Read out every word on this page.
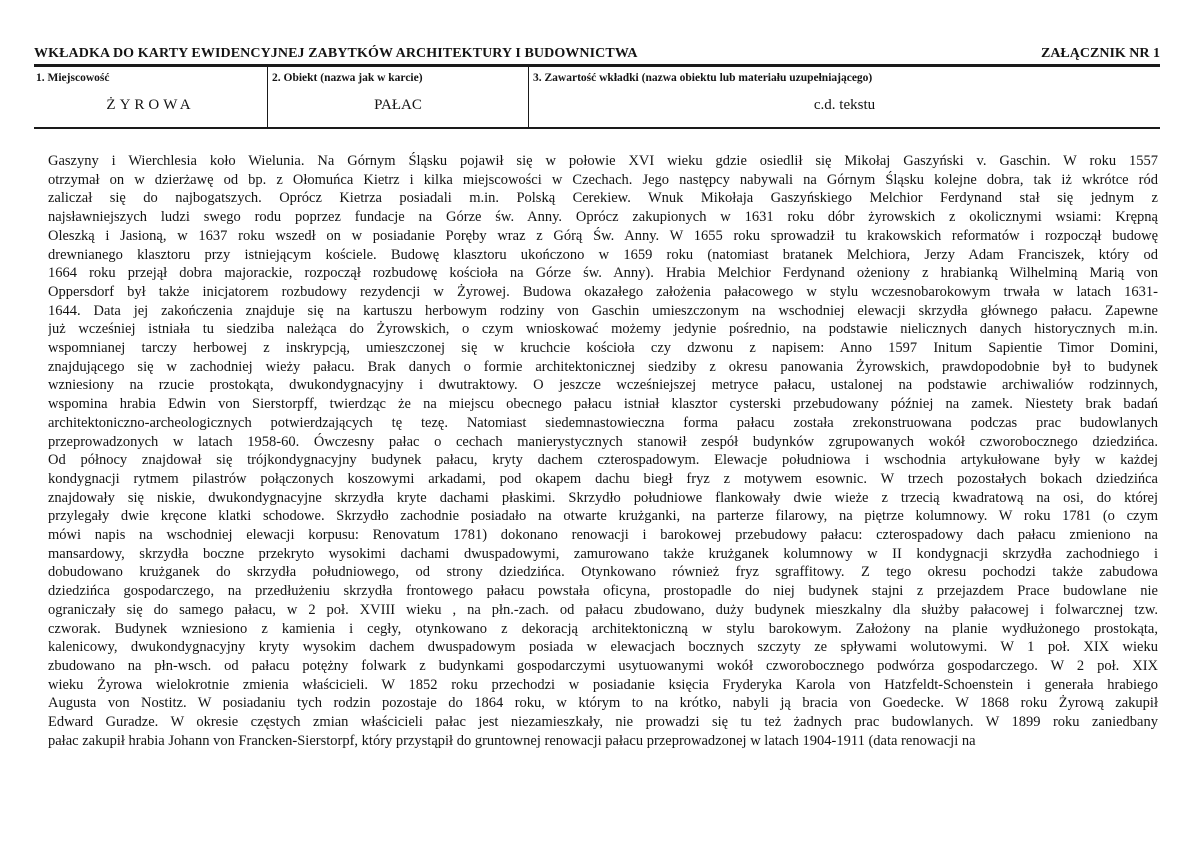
WKŁADKA DO KARTY EWIDENCYJNEJ ZABYTKÓW ARCHITEKTURY I BUDOWNICTWA	ZAŁĄCZNIK NR 1
1. Miejscowość
ŻYROWA
2. Obiekt (nazwa jak w karcie)
PAŁAC
3. Zawartość wkładki (nazwa obiektu lub materiału uzupełniającego)
c.d. tekstu
Gaszyny i Wierchlesia koło Wielunia. Na Górnym Śląsku pojawił się w połowie XVI wieku gdzie osiedlił się Mikołaj Gaszyński v. Gaschin. W roku 1557
otrzymał on w dzierżawę od bp. z Ołomuńca Kietrz i kilka miejscowości w Czechach. Jego następcy nabywali na Górnym Śląsku kolejne dobra, tak iż wkrótce ród
zaliczał się do najbogatszych. Oprócz Kietrza posiadali m.in. Polską Cerekiew. Wnuk Mikołaja Gaszyńskiego Melchior Ferdynand stał się jednym z
najsławniejszych ludzi swego rodu poprzez fundacje na Górze św. Anny. Oprócz zakupionych w 1631 roku dóbr żyrowskich z okolicznymi wsiami: Krępną
Oleszką i Jasioną, w 1637 roku wszedł on w posiadanie Poręby wraz z Górą Św. Anny. W 1655 roku sprowadził tu krakowskich reformatów i rozpoczął budowę
drewnianego klasztoru przy istniejącym kościele. Budowę klasztoru ukończono w 1659 roku (natomiast bratanek Melchiora, Jerzy Adam Franciszek, który od
1664 roku przejął dobra majorackie, rozpoczął rozbudowę kościoła na Górze św. Anny). Hrabia Melchior Ferdynand ożeniony z hrabianką Wilhelminą Marią von
Oppersdorf był także inicjatorem rozbudowy rezydencji w Żyrowej. Budowa okazałego założenia pałacowego w stylu wczesnobarokowym trwała w latach 1631-
1644. Data jej zakończenia znajduje się na kartuszu herbowym rodziny von Gaschin umieszczonym na wschodniej elewacji skrzydła głównego pałacu. Zapewne
już wcześniej istniała tu siedziba należąca do Żyrowskich, o czym wnioskować możemy jedynie pośrednio, na podstawie nielicznych danych historycznych m.in.
wspomnianej tarczy herbowej z inskrypcją, umieszczonej się w kruchcie kościoła czy dzwonu z napisem: Anno 1597 Initum Sapientie Timor Domini,
znajdującego się w zachodniej wieży pałacu. Brak danych o formie architektonicznej siedziby z okresu panowania Żyrowskich, prawdopodobnie był to budynek
wzniesiony na rzucie prostokąta, dwukondygnacyjny i dwutraktowy. O jeszcze wcześniejszej metryce pałacu, ustalonej na podstawie archiwaliów rodzinnych,
wspomina hrabia Edwin von Sierstorpff, twierdząc że na miejscu obecnego pałacu istniał klasztor cysterski przebudowany później na zamek. Niestety brak badań
architektoniczno-archeologicznych potwierdzających tę tezę. Natomiast siedemnastowieczna forma pałacu została zrekonstruowana podczas prac budowlanych
przeprowadzonych w latach 1958-60. Ówczesny pałac o cechach manierystycznych stanowił zespół budynków zgrupowanych wokół czworobocznego dziedzińca.
Od północy znajdował się trójkondygnacyjny budynek pałacu, kryty dachem czterospadowym. Elewacje południowa i wschodnia artykułowane były w każdej
kondygnacji rytmem pilastrów połączonych koszowymi arkadami, pod okapem dachu biegł fryz z motywem esownic. W trzech pozostałych bokach dziedzińca
znajdowały się niskie, dwukondygnacyjne skrzydła kryte dachami płaskimi. Skrzydło południowe flankowały dwie wieże z trzecią kwadratową na osi, do której
przylegały dwie kręcone klatki schodowe. Skrzydło zachodnie posiadało na otwarte krużganki, na parterze filarowy, na piętrze kolumnowy. W roku 1781 (o czym
mówi napis na wschodniej elewacji korpusu: Renovatum 1781) dokonano renowacji i barokowej przebudowy pałacu: czterospadowy dach pałacu zmieniono na
mansardowy, skrzydła boczne przekryto wysokimi dachami dwuspadowymi, zamurowano także krużganek kolumnowy w II kondygnacji skrzydła zachodniego i
dobudowano krużganek do skrzydła południowego, od strony dziedzińca. Otynkowano również fryz sgraffitowy. Z tego okresu pochodzi także zabudowa
dziedzińca gospodarczego, na przedłużeniu skrzydła frontowego pałacu powstała oficyna, prostopadle do niej budynek stajni z przejazdem Prace budowlane nie
ograniczały się do samego pałacu, w 2 poł. XVIII wieku , na płn.-zach. od pałacu zbudowano, duży budynek mieszkalny dla służby pałacowej i folwarcznej tzw.
czworak. Budynek wzniesiono z kamienia i cegły, otynkowano z dekoracją architektoniczną w stylu barokowym. Założony na planie wydłużonego prostokąta,
kalenicowy, dwukondygnacyjny kryty wysokim dachem dwuspadowym posiada w elewacjach bocznych szczyty ze spływami wolutowymi. W 1 poł. XIX wieku
zbudowano na płn-wsch. od pałacu potężny folwark z budynkami gospodarczymi usytuowanymi wokół czworobocznego podwórza gospodarczego. W 2 poł. XIX
wieku Żyrowa wielokrotnie zmienia właścicieli. W 1852 roku przechodzi w posiadanie księcia Fryderyka Karola von Hatzfeldt-Schoenstein i generała hrabiego
Augusta von Nostitz. W posiadaniu tych rodzin pozostaje do 1864 roku, w którym to na krótko, nabyli ją bracia von Goedecke. W 1868 roku Żyrową zakupił
Edward Guradze. W okresie częstych zmian właścicieli pałac jest niezamieszkały, nie prowadzi się tu też żadnych prac budowlanych. W 1899 roku zaniedbany
pałac zakupił hrabia Johann von Francken-Sierstorpf, który przystąpił do gruntownej renowacji pałacu przeprowadzonej w latach 1904-1911 (data renowacji na
